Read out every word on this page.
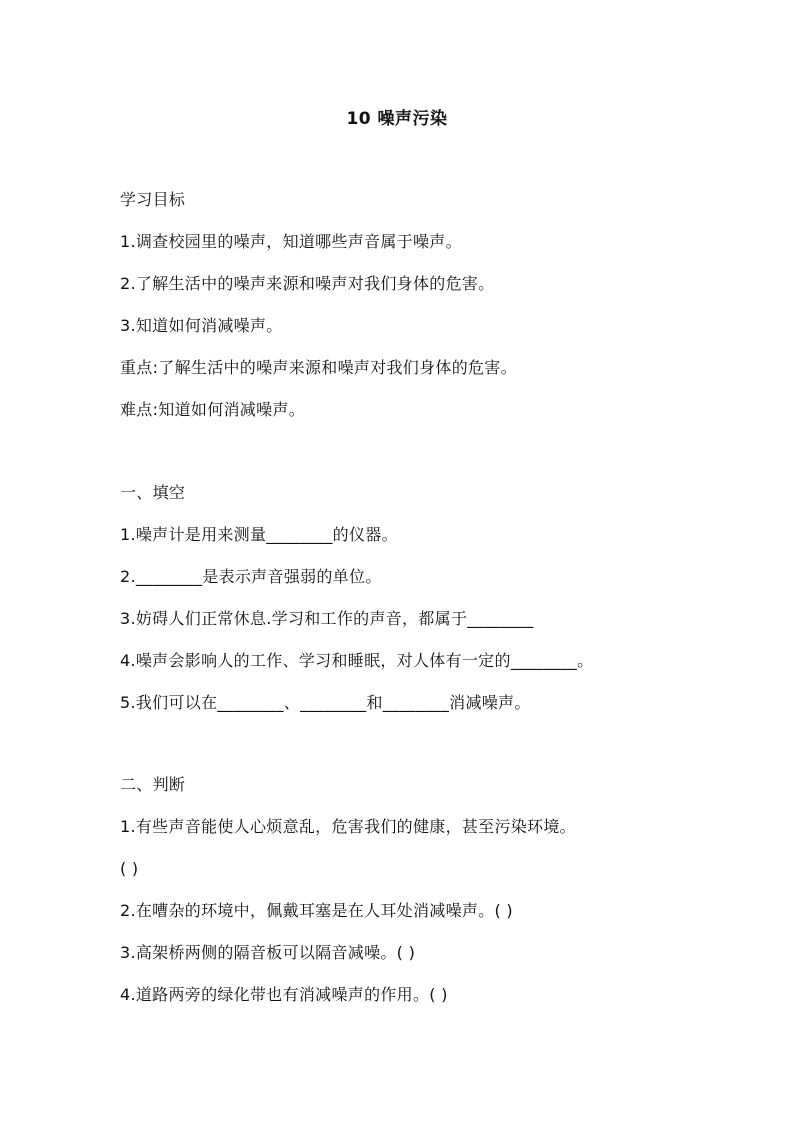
10 噪声污染
学习目标
1.调查校园里的噪声，知道哪些声音属于噪声。
2.了解生活中的噪声来源和噪声对我们身体的危害。
3.知道如何消减噪声。
重点:了解生活中的噪声来源和噪声对我们身体的危害。
难点:知道如何消减噪声。
一、填空
1.噪声计是用来测量________的仪器。
2.________是表示声音强弱的单位。
3.妨碍人们正常休息.学习和工作的声音，都属于________
4.噪声会影响人的工作、学习和睡眠，对人体有一定的________。
5.我们可以在________、________和________消减噪声。
二、判断
1.有些声音能使人心烦意乱，危害我们的健康，甚至污染环境。
( )
2.在嘈杂的环境中，佩戴耳塞是在人耳处消减噪声。( )
3.高架桥两侧的隔音板可以隔音减噪。( )
4.道路两旁的绿化带也有消减噪声的作用。( )
